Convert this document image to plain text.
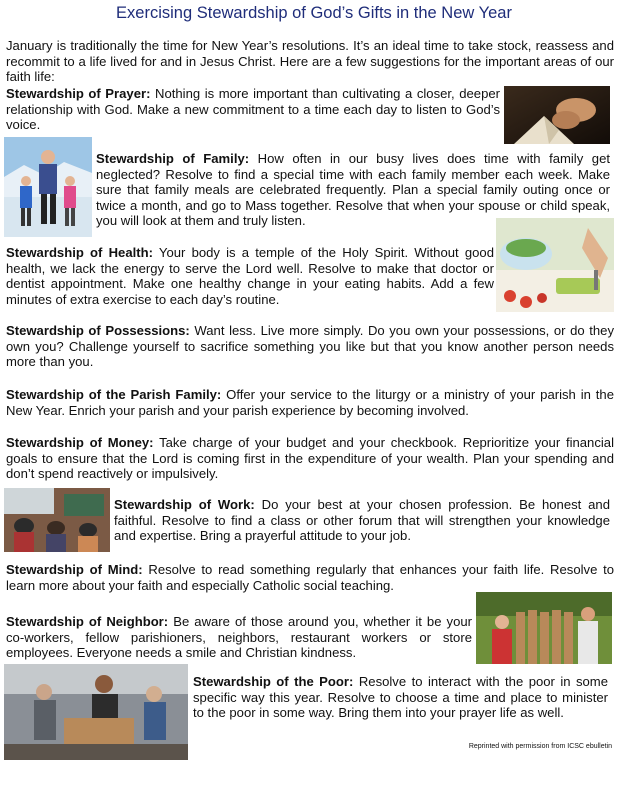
Exercising Stewardship of God’s Gifts in the New Year

January is traditionally the time for New Year’s resolutions. It’s an ideal time to take stock, reassess and recommit to a life lived for and in Jesus Christ. Here are a few suggestions for the important areas of our faith life:

Stewardship of Prayer: Nothing is more important than cultivating a closer, deeper relationship with God. Make a new commitment to a time each day to listen to God’s voice.

Stewardship of Family: How often in our busy lives does time with family get neglected? Resolve to find a special time with each family member each week. Make sure that family meals are celebrated frequently. Plan a special family outing once or twice a month, and go to Mass together. Resolve that when your spouse or child speak, you will look at them and truly listen.

Stewardship of Health: Your body is a temple of the Holy Spirit. Without good health, we lack the energy to serve the Lord well. Resolve to make that doctor or dentist appointment. Make one healthy change in your eating habits. Add a few minutes of extra exercise to each day’s routine.

Stewardship of Possessions: Want less. Live more simply. Do you own your possessions, or do they own you? Challenge yourself to sacrifice something you like but that you know another person needs more than you.

Stewardship of the Parish Family: Offer your service to the liturgy or a ministry of your parish in the New Year. Enrich your parish and your parish experience by becoming involved.

Stewardship of Money: Take charge of your budget and your checkbook. Reprioritize your financial goals to ensure that the Lord is coming first in the expenditure of your wealth. Plan your spending and don’t spend reactively or impulsively.

Stewardship of Work: Do your best at your chosen profession. Be honest and faithful. Resolve to find a class or other forum that will strengthen your knowledge and expertise. Bring a prayerful attitude to your job.

Stewardship of Mind: Resolve to read something regularly that enhances your faith life. Resolve to learn more about your faith and especially Catholic social teaching.

Stewardship of Neighbor: Be aware of those around you, whether it be your co-workers, fellow parishioners, neighbors, restaurant workers or store employees. Everyone needs a smile and Christian kindness.

Stewardship of the Poor: Resolve to interact with the poor in some specific way this year. Resolve to choose a time and place to minister to the poor in some way. Bring them into your prayer life as well.

Reprinted with permission from ICSC ebulletin
